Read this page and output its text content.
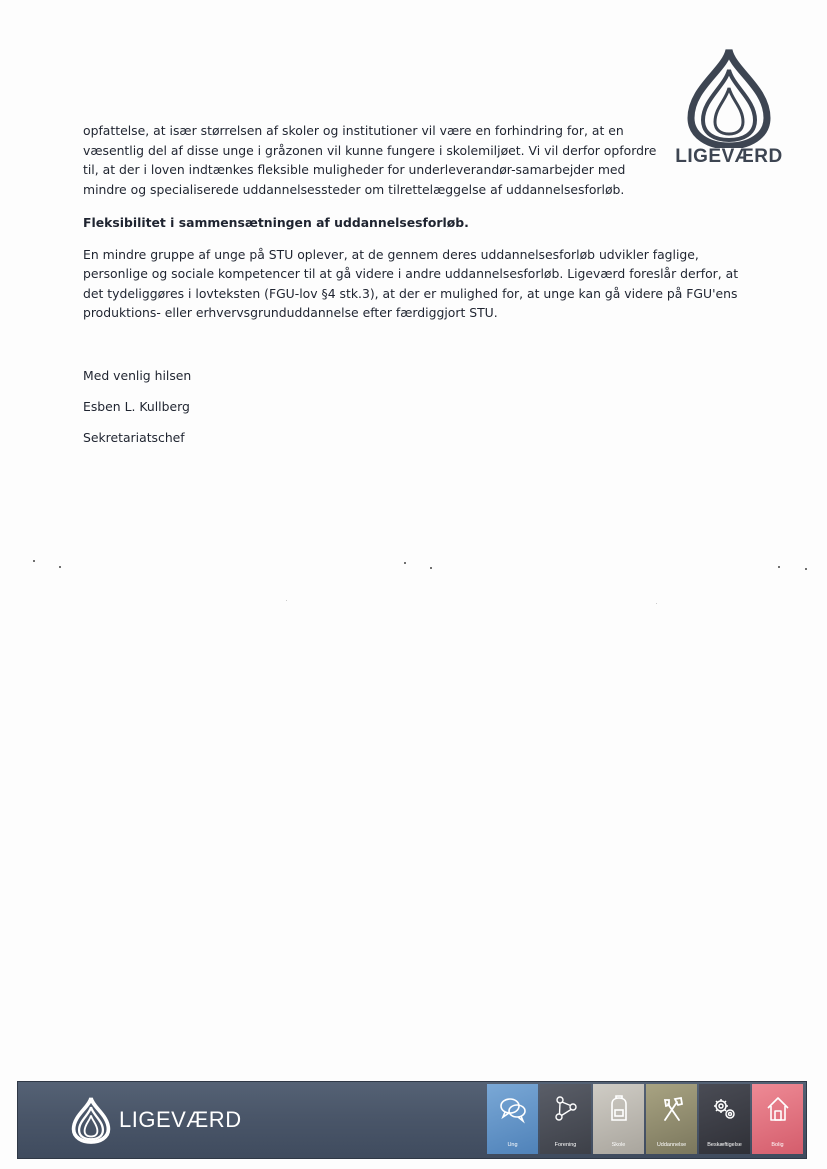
LIGEVÆRD

opfattelse, at især størrelsen af skoler og institutioner vil være en forhindring for, at en væsentlig del af disse unge i gråzonen vil kunne fungere i skolemiljøet. Vi vil derfor opfordre til, at der i loven indtænkes fleksible muligheder for underleverandør-samarbejder med mindre og specialiserede uddannelsessteder om tilrettelæggelse af uddannelsesforløb.

Fleksibilitet i sammensætningen af uddannelsesforløb.

En mindre gruppe af unge på STU oplever, at de gennem deres uddannelsesforløb udvikler faglige, personlige og sociale kompetencer til at gå videre i andre uddannelsesforløb. Ligeværd foreslår derfor, at det tydeliggøres i lovteksten (FGU-lov §4 stk.3), at der er mulighed for, at unge kan gå videre på FGU'ens produktions- eller erhvervsgrunduddannelse efter færdiggjort STU.

Med venlig hilsen
Esben L. Kullberg
Sekretariatschef
LIGEVÆRD
Ung	Forening	Skole	Uddannelse	Beskæftigelse	Bolig
